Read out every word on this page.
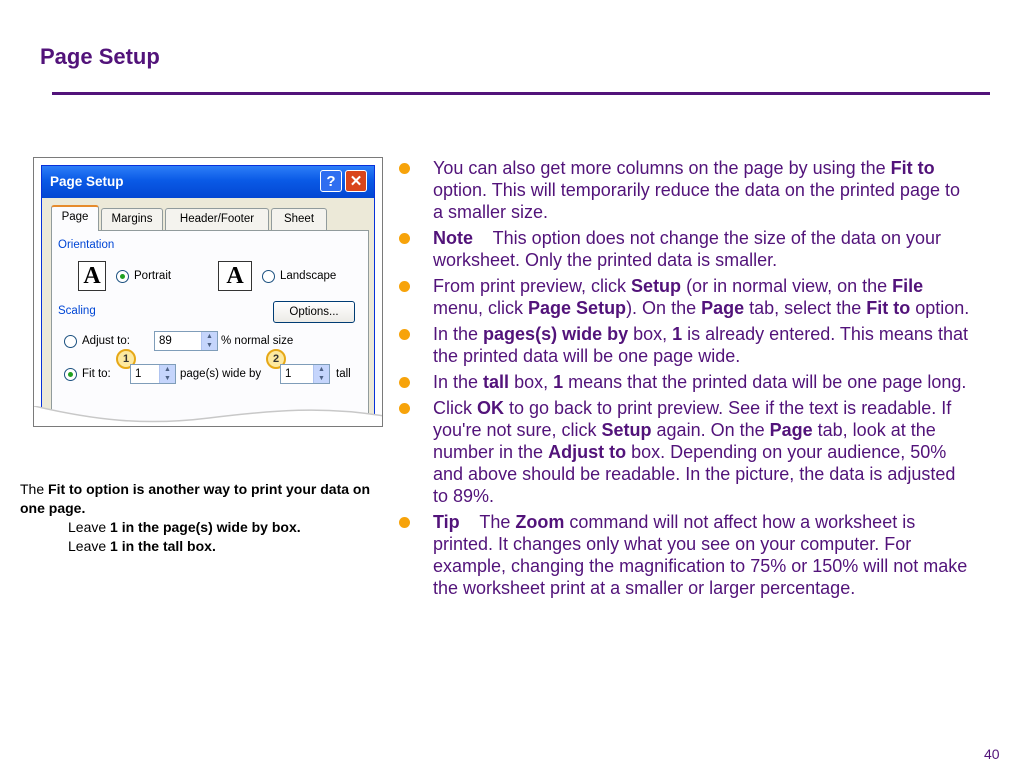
Page Setup
Page Setup	? ✕
Page	Margins	Header/Footer	Sheet
Orientation
A	Portrait	A	Landscape
Scaling	Options...
Adjust to:	89	▲
▼ % normal size
1	2
Fit to:	1	▲
▼ page(s) wide by	1	▲
▼ tall
The Fit to option is another way to print your data on one page.
Leave 1 in the page(s) wide by box.
Leave 1 in the tall box.
You can also get more columns on the page by using the Fit to option. This will temporarily reduce the data on the printed page to a smaller size.
Note    This option does not change the size of the data on your worksheet. Only the printed data is smaller.
From print preview, click Setup (or in normal view, on the File menu, click Page Setup). On the Page tab, select the Fit to option.
In the pages(s) wide by box, 1 is already entered. This means that the printed data will be one page wide.
In the tall box, 1 means that the printed data will be one page long.
Click OK to go back to print preview. See if the text is readable. If you're not sure, click Setup again. On the Page tab, look at the number in the Adjust to box. Depending on your audience, 50% and above should be readable. In the picture, the data is adjusted to 89%.
Tip    The Zoom command will not affect how a worksheet is printed. It changes only what you see on your computer. For example, changing the magnification to 75% or 150% will not make the worksheet print at a smaller or larger percentage.
40
